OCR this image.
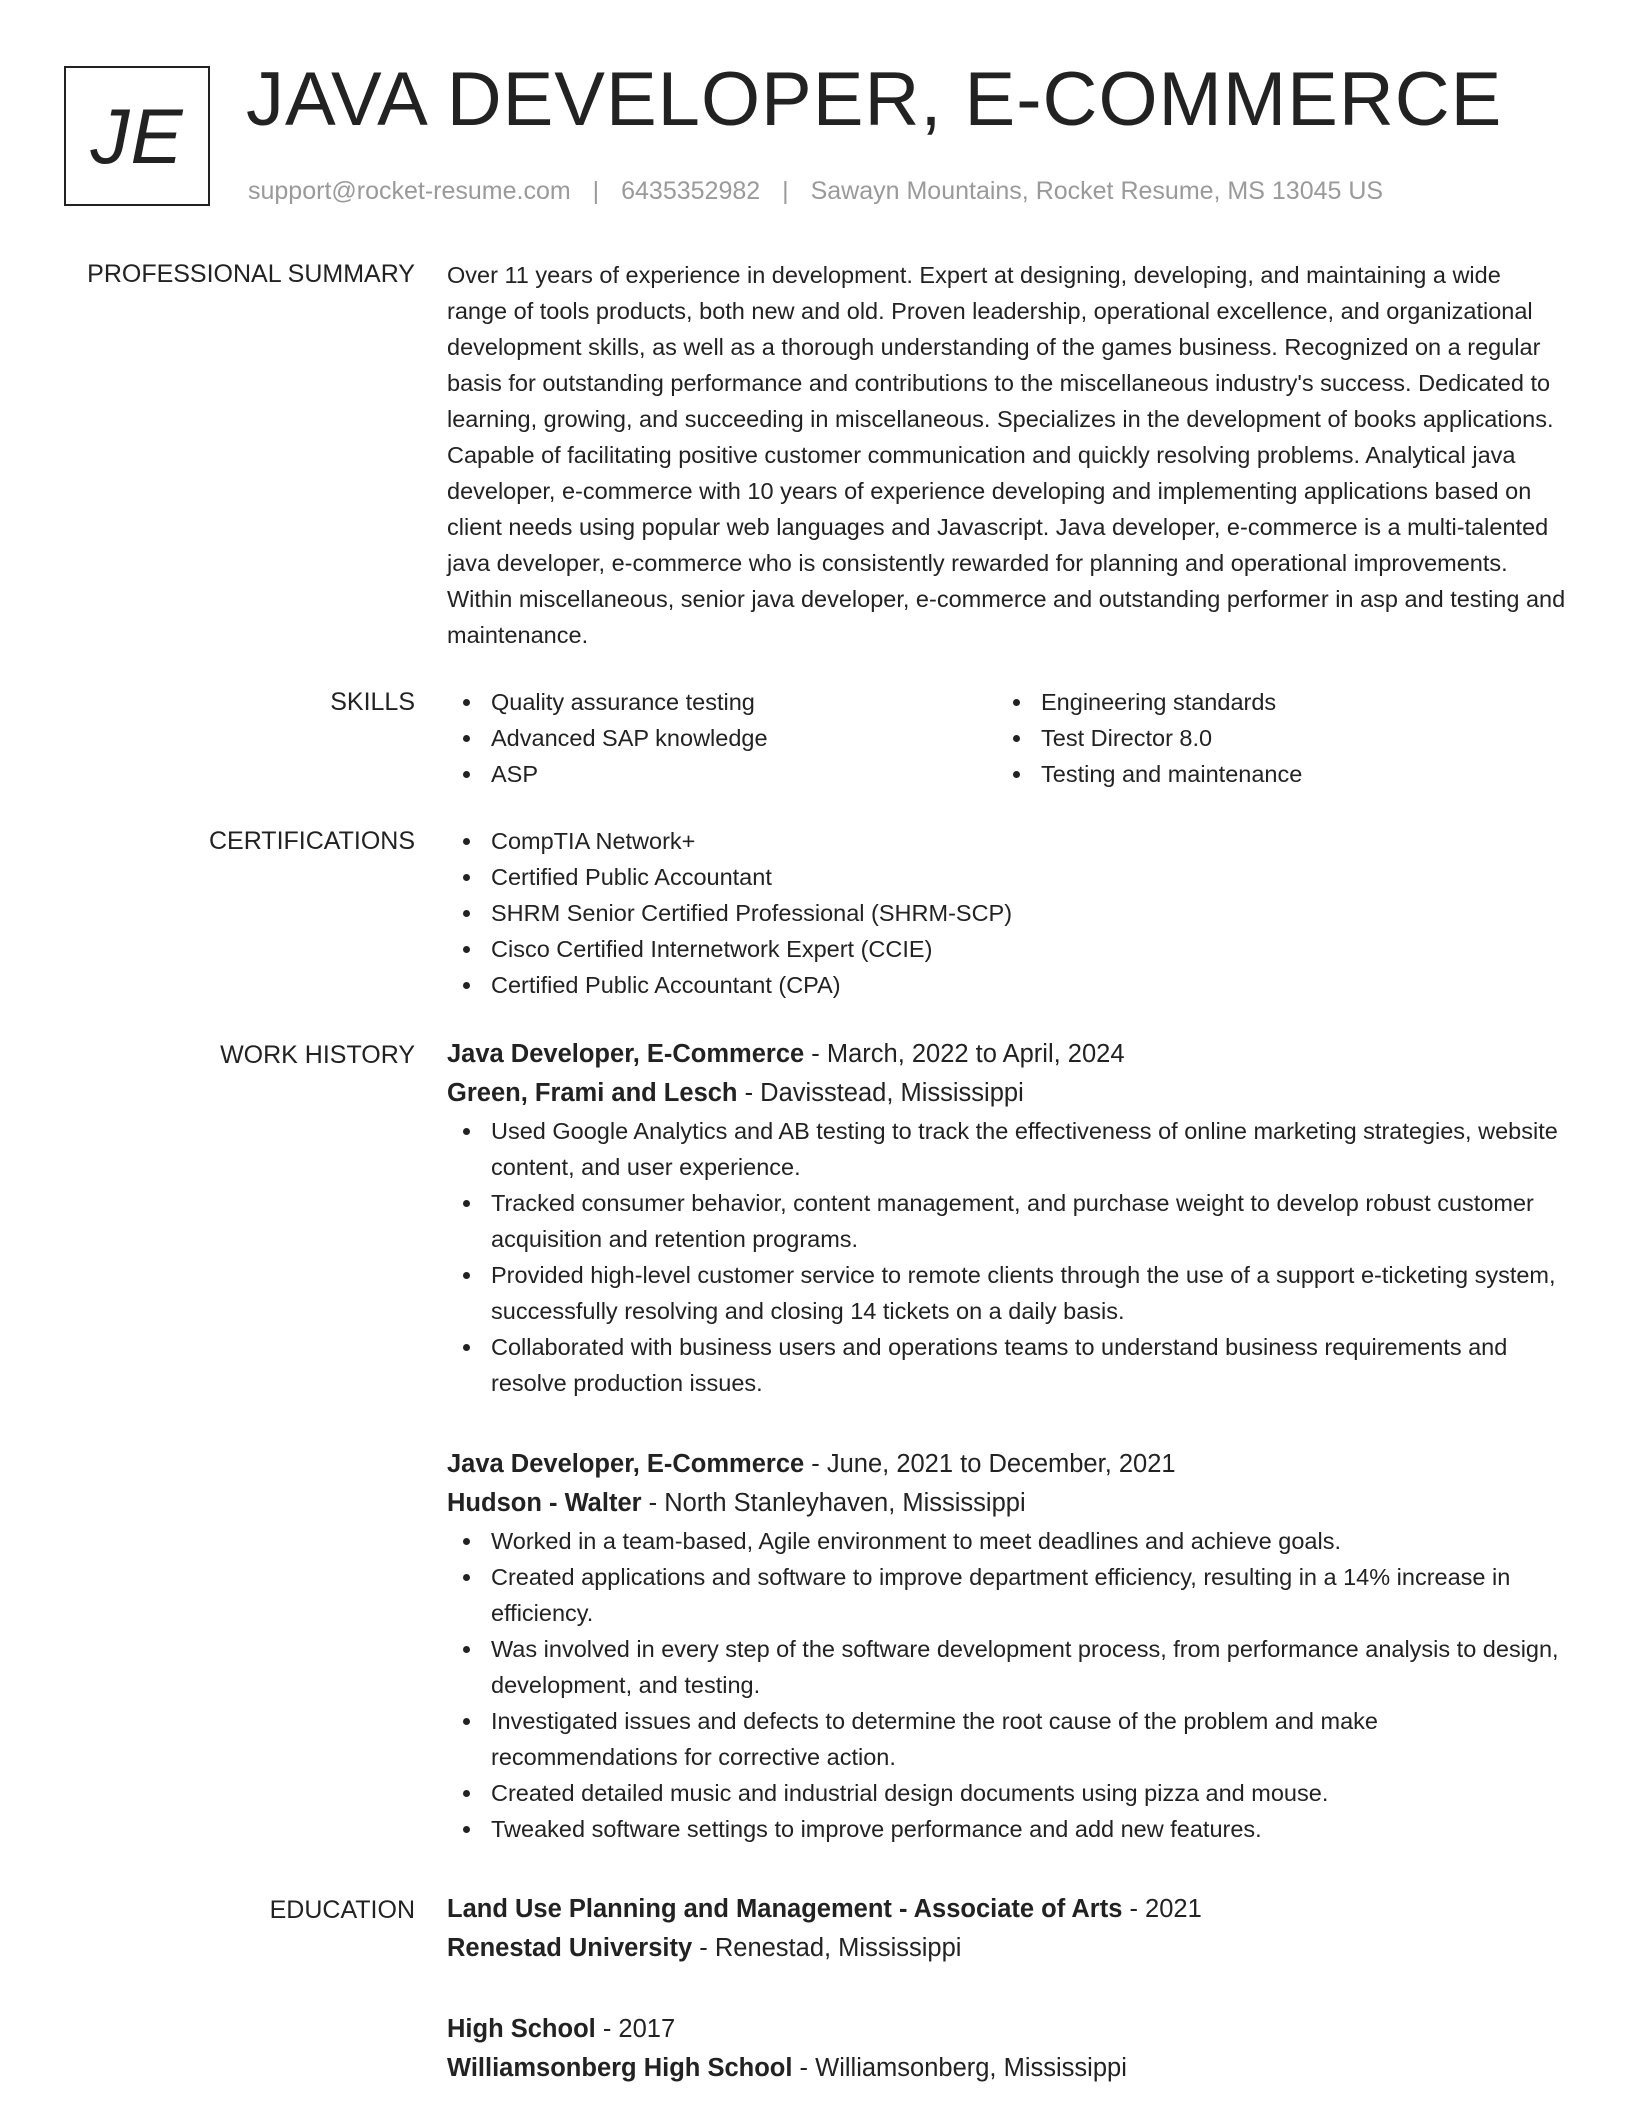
JE JAVA DEVELOPER, E-COMMERCE
support@rocket-resume.com | 6435352982 | Sawayn Mountains, Rocket Resume, MS 13045 US
PROFESSIONAL SUMMARY Over 11 years of experience in development. Expert at designing, developing, and maintaining a wide range of tools products, both new and old. Proven leadership, operational excellence, and organizational development skills, as well as a thorough understanding of the games business. Recognized on a regular basis for outstanding performance and contributions to the miscellaneous industry's success. Dedicated to learning, growing, and succeeding in miscellaneous. Specializes in the development of books applications. Capable of facilitating positive customer communication and quickly resolving problems. Analytical java developer, e-commerce with 10 years of experience developing and implementing applications based on client needs using popular web languages and Javascript. Java developer, e-commerce is a multi-talented java developer, e-commerce who is consistently rewarded for planning and operational improvements. Within miscellaneous, senior java developer, e-commerce and outstanding performer in asp and testing and maintenance.

SKILLS	Quality assurance testing
Advanced SAP knowledge
ASP
Engineering standards
Test Director 8.0
Testing and maintenance
CERTIFICATIONS	CompTIA Network+
Certified Public Accountant
SHRM Senior Certified Professional (SHRM-SCP)
Cisco Certified Internetwork Expert (CCIE)
Certified Public Accountant (CPA)
WORK HISTORY Java Developer, E-Commerce - March, 2022 to April, 2024
Green, Frami and Lesch - Davisstead, Mississippi
Used Google Analytics and AB testing to track the effectiveness of online marketing strategies, website content, and user experience.
Tracked consumer behavior, content management, and purchase weight to develop robust customer acquisition and retention programs.
Provided high-level customer service to remote clients through the use of a support e-ticketing system, successfully resolving and closing 14 tickets on a daily basis.
Collaborated with business users and operations teams to understand business requirements and resolve production issues.
Java Developer, E-Commerce - June, 2021 to December, 2021
Hudson - Walter - North Stanleyhaven, Mississippi
Worked in a team-based, Agile environment to meet deadlines and achieve goals.
Created applications and software to improve department efficiency, resulting in a 14% increase in efficiency.
Was involved in every step of the software development process, from performance analysis to design, development, and testing.
Investigated issues and defects to determine the root cause of the problem and make recommendations for corrective action.
Created detailed music and industrial design documents using pizza and mouse.
Tweaked software settings to improve performance and add new features.
EDUCATION Land Use Planning and Management - Associate of Arts - 2021
Renestad University - Renestad, Mississippi
High School - 2017
Williamsonberg High School - Williamsonberg, Mississippi
